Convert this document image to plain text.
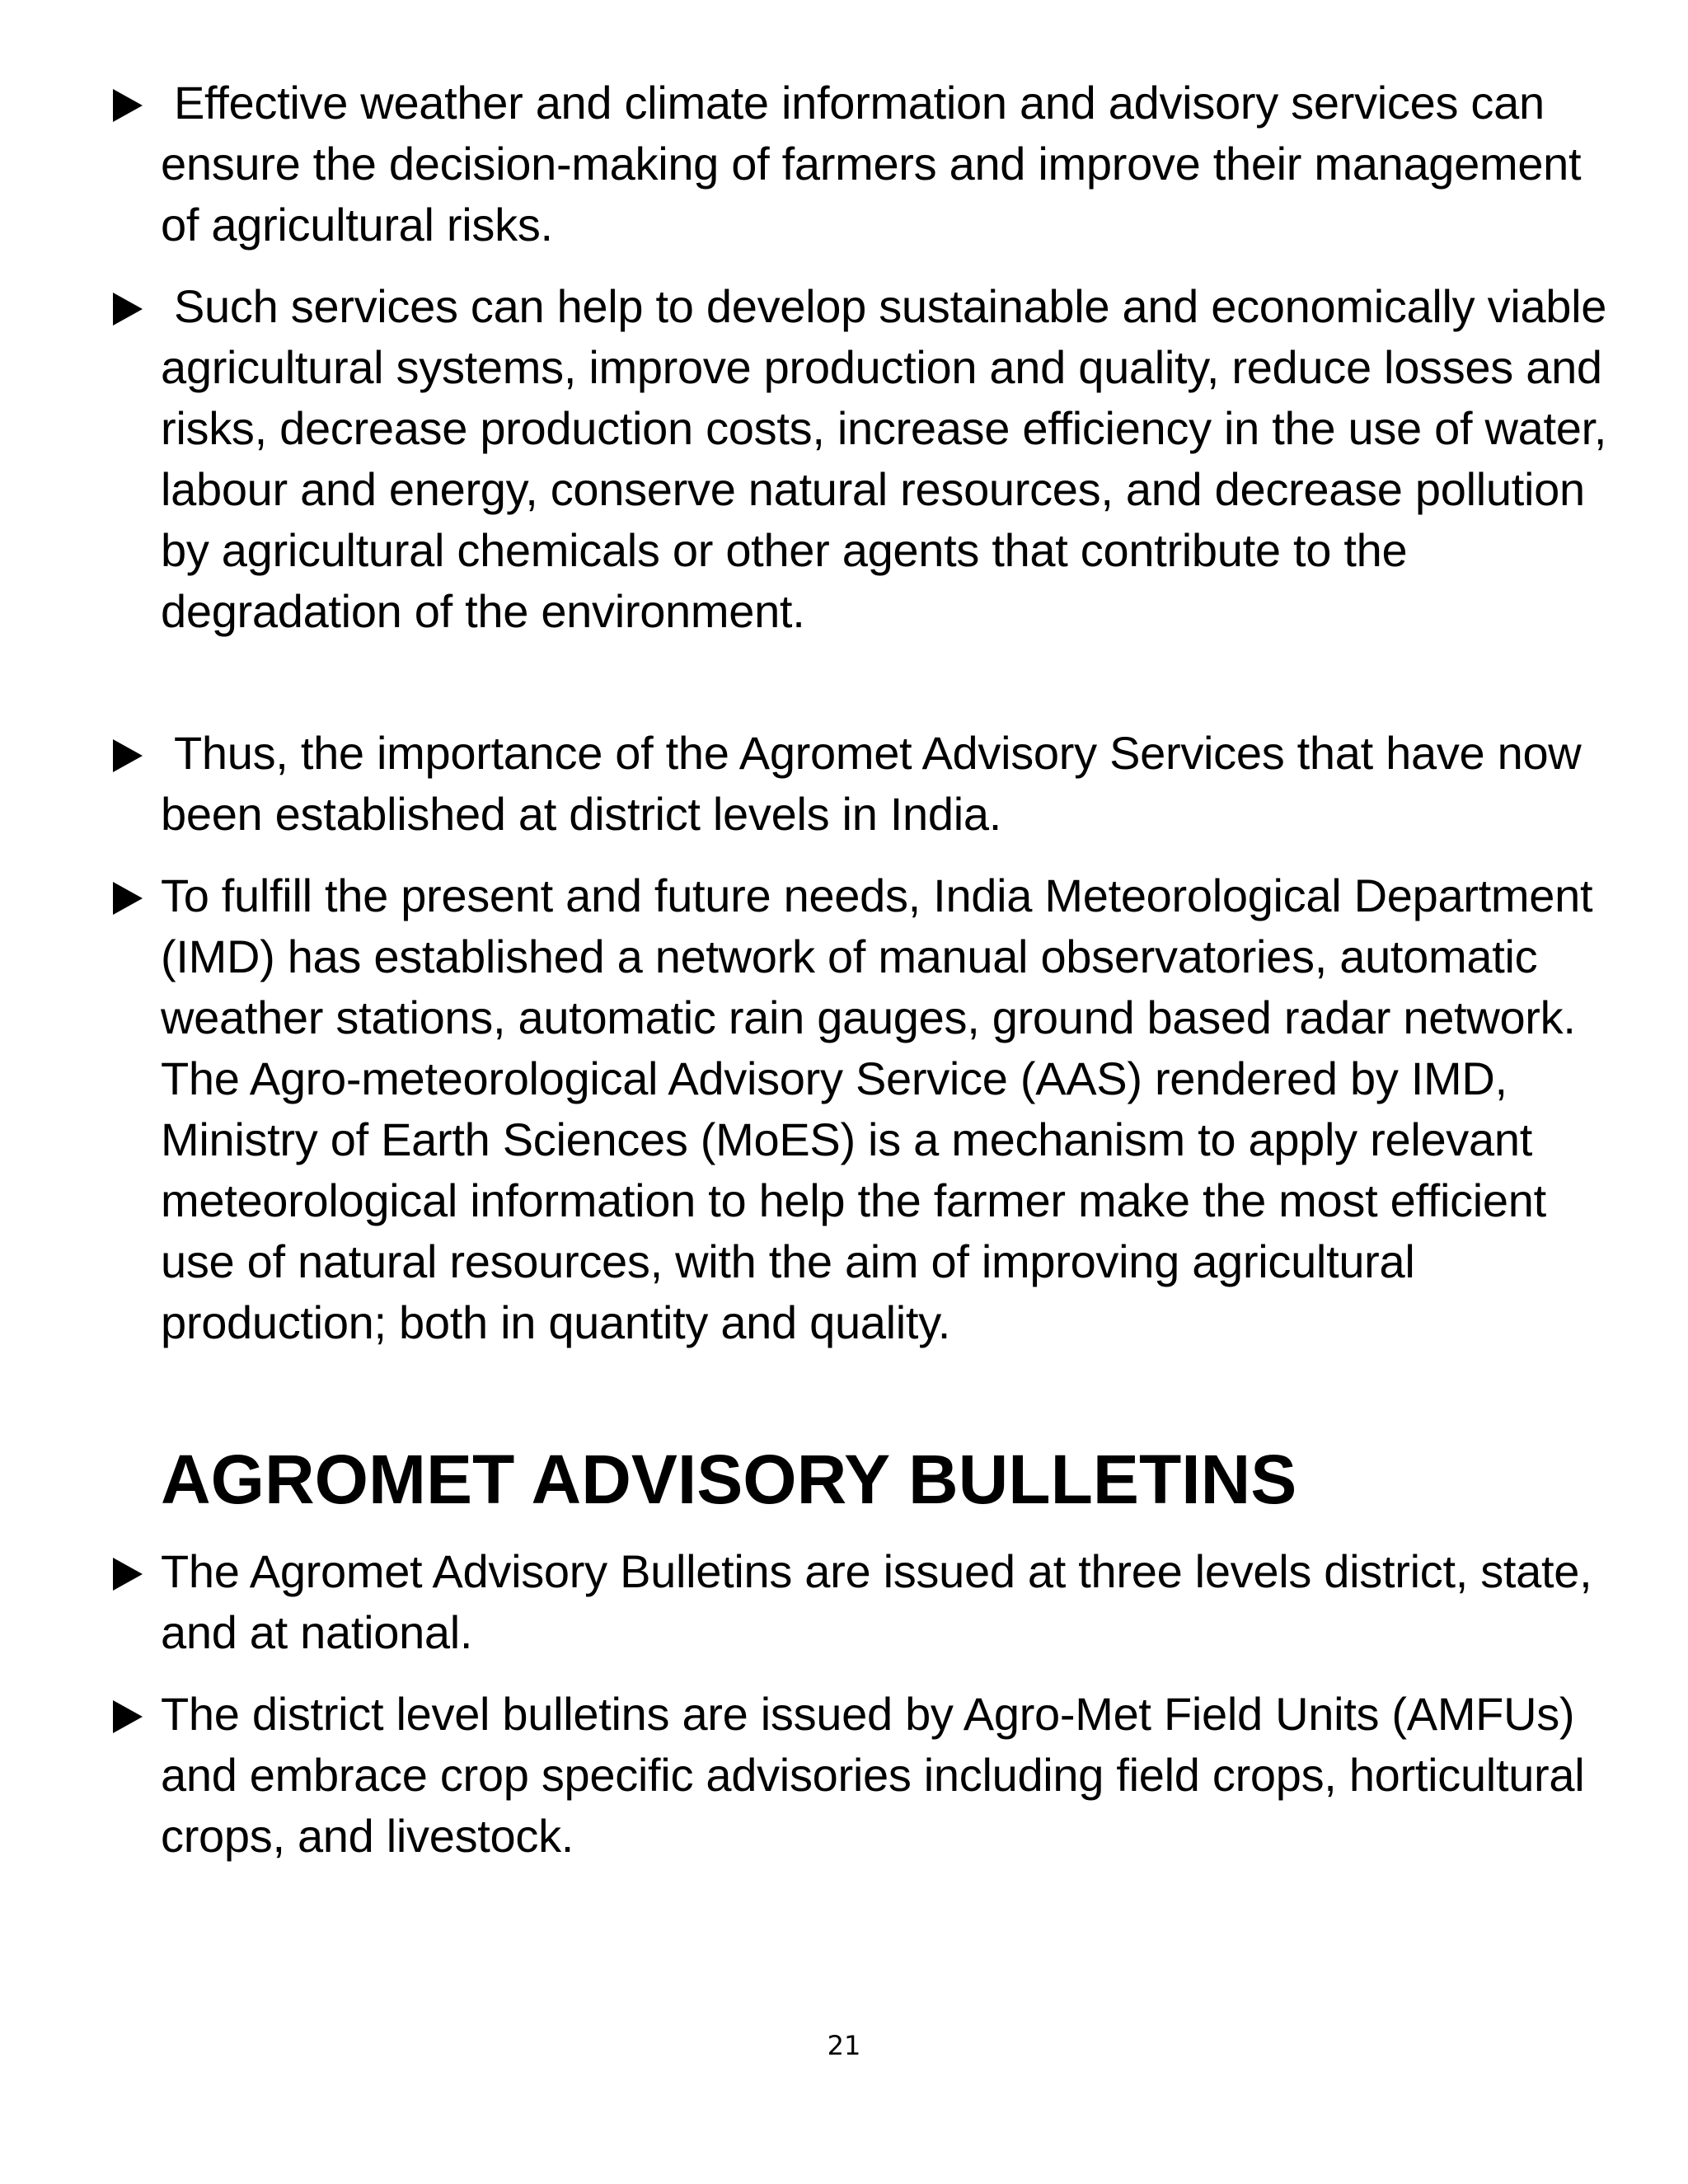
Effective weather and climate information and advisory services can ensure the decision-making of farmers and improve their management of agricultural risks.
Such services can help to develop sustainable and economically viable agricultural systems, improve production and quality, reduce losses and risks, decrease production costs, increase efficiency in the use of water, labour and energy, conserve natural resources, and decrease pollution by agricultural chemicals or other agents that contribute to the degradation of the environment.
Thus, the importance of the Agromet Advisory Services that have now been established at district levels in India.
To fulfill the present and future needs, India Meteorological Department (IMD) has established a network of manual observatories, automatic weather stations, automatic rain gauges, ground based radar network. The Agro-meteorological Advisory Service (AAS) rendered by IMD, Ministry of Earth Sciences (MoES) is a mechanism to apply relevant meteorological information to help the farmer make the most efficient use of natural resources, with the aim of improving agricultural production; both in quantity and quality.
AGROMET ADVISORY BULLETINS
The Agromet Advisory Bulletins are issued at three levels district, state, and at national.
The district level bulletins are issued by Agro-Met Field Units (AMFUs) and embrace crop specific advisories including field crops, horticultural crops, and livestock.
21
